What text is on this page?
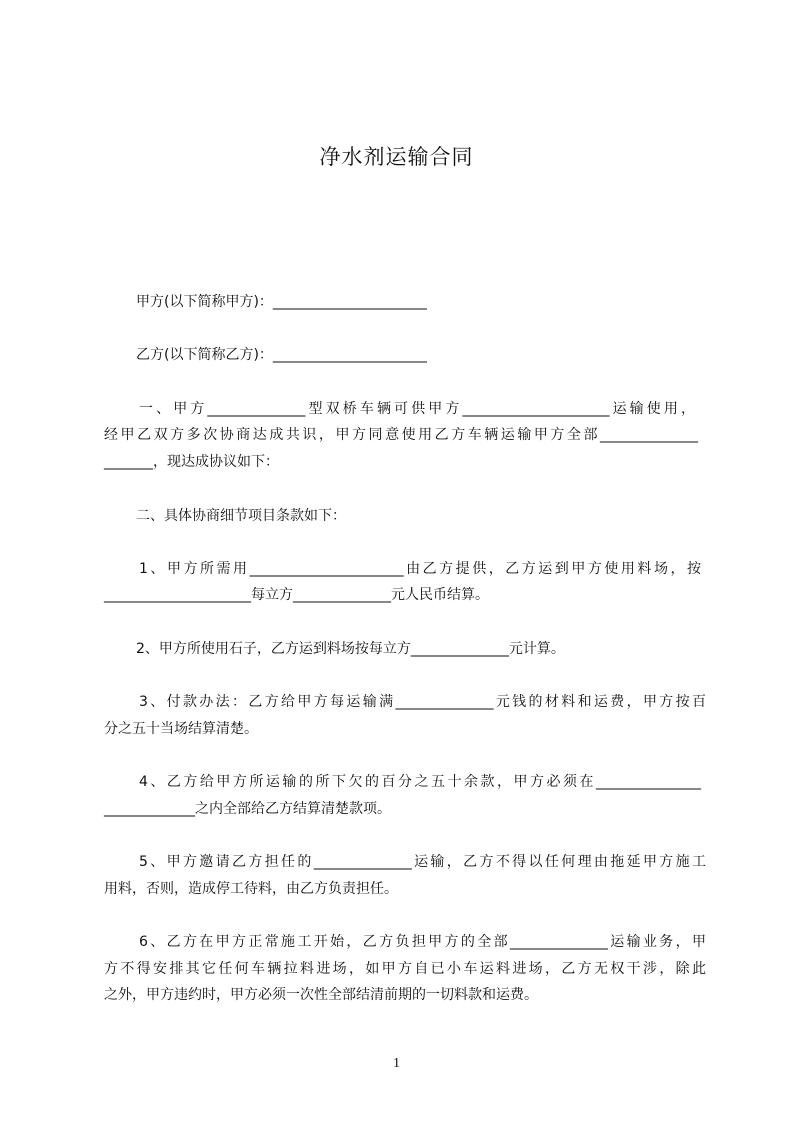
净水剂运输合同
甲方(以下简称甲方)：______________________
乙方(以下简称乙方)：______________________
一、甲方______________型双桥车辆可供甲方_____________________运输使用，
经甲乙双方多次协商达成共识，甲方同意使用乙方车辆运输甲方全部______________
_______，现达成协议如下：
二、具体协商细节项目条款如下：
1、甲方所需用______________________由乙方提供，乙方运到甲方使用料场，按
_____________________每立方______________元人民币结算。
2、甲方所使用石子，乙方运到料场按每立方______________元计算。
3、付款办法：乙方给甲方每运输满______________元钱的材料和运费，甲方按百
分之五十当场结算清楚。
4、乙方给甲方所运输的所下欠的百分之五十余款，甲方必须在_______________
_____________之内全部给乙方结算清楚款项。
5、甲方邀请乙方担任的______________运输，乙方不得以任何理由拖延甲方施工
用料，否则，造成停工待料，由乙方负责担任。
6、乙方在甲方正常施工开始，乙方负担甲方的全部______________运输业务，甲
方不得安排其它任何车辆拉料进场，如甲方自已小车运料进场，乙方无权干涉，除此
之外，甲方违约时，甲方必须一次性全部结清前期的一切料款和运费。
1
